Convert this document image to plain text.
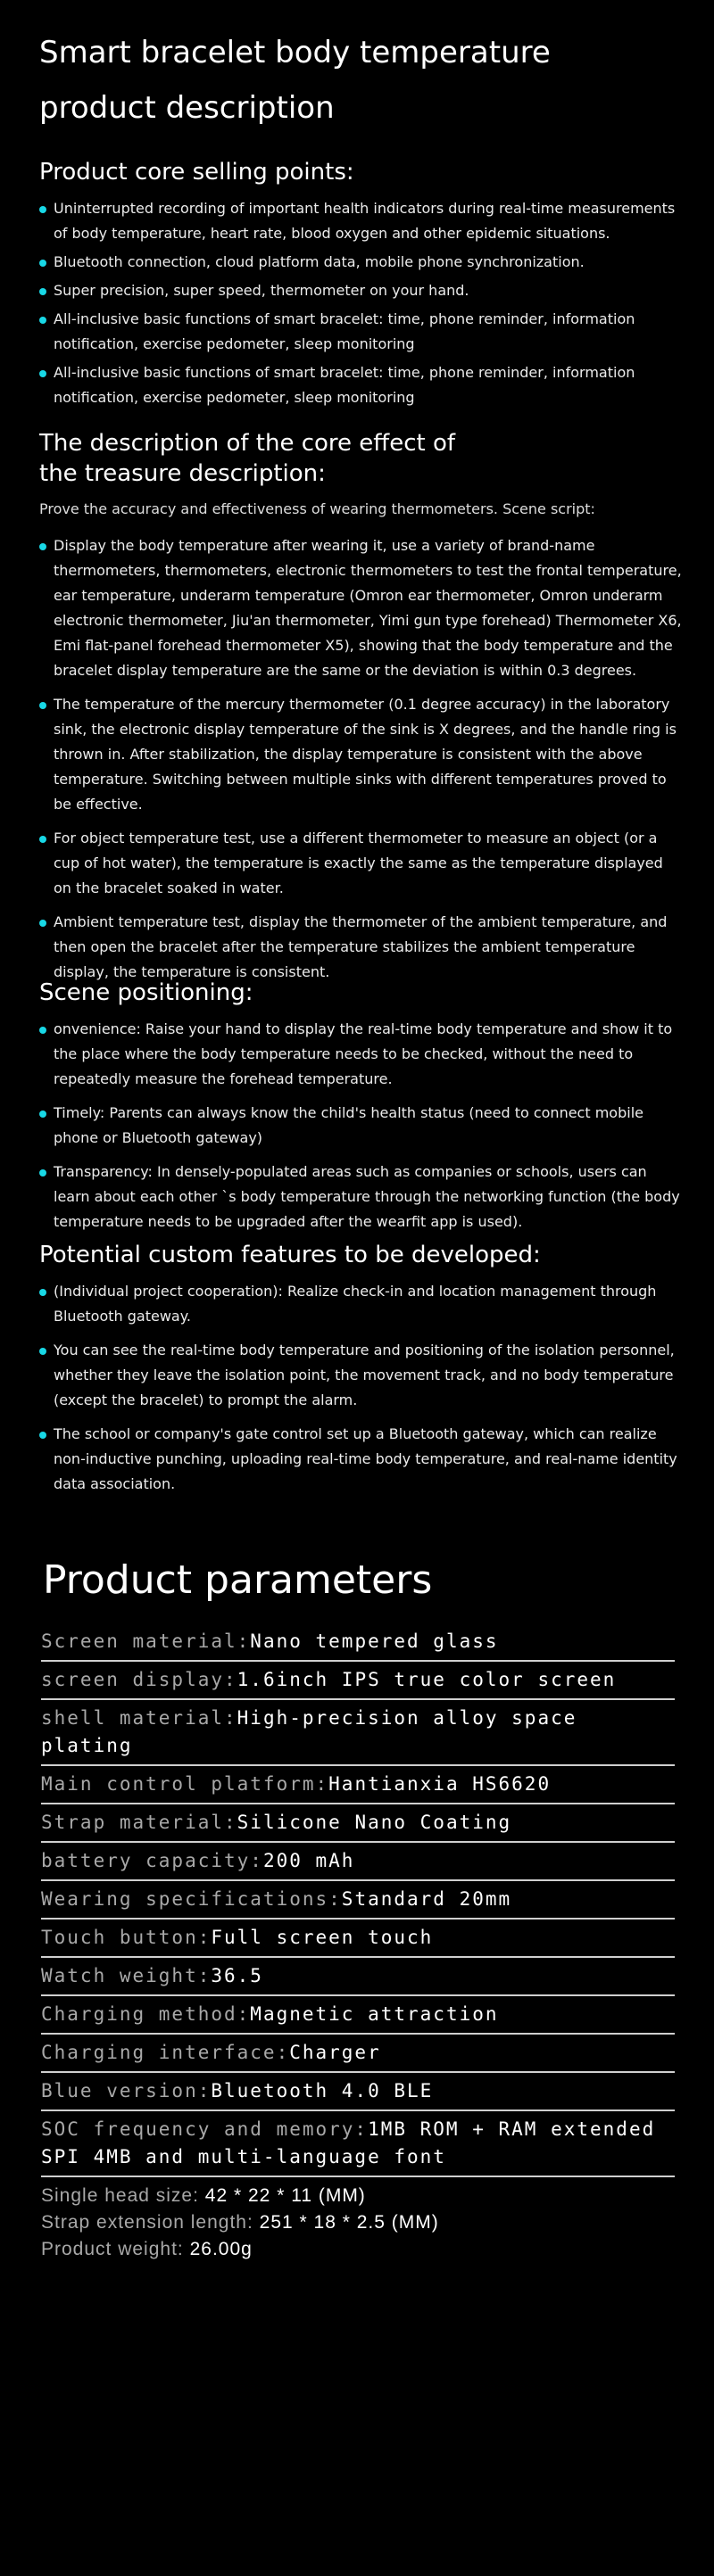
Smart bracelet body temperature
product description
Product core selling points:
Uninterrupted recording of important health indicators during real-time measurements of body temperature, heart rate, blood oxygen and other epidemic situations.
Bluetooth connection, cloud platform data, mobile phone synchronization.
Super precision, super speed, thermometer on your hand.
All-inclusive basic functions of smart bracelet: time, phone reminder, information notification, exercise pedometer, sleep monitoring
All-inclusive basic functions of smart bracelet: time, phone reminder, information notification, exercise pedometer, sleep monitoring
The description of the core effect of
the treasure description:

Prove the accuracy and effectiveness of wearing thermometers. Scene script:

Display the body temperature after wearing it, use a variety of brand-name thermometers, thermometers, electronic thermometers to test the frontal temperature, ear temperature, underarm temperature (Omron ear thermometer, Omron underarm electronic thermometer, Jiu'an thermometer, Yimi gun type forehead) Thermometer X6, Emi flat-panel forehead thermometer X5), showing that the body temperature and the bracelet display temperature are the same or the deviation is within 0.3 degrees.
The temperature of the mercury thermometer (0.1 degree accuracy) in the laboratory sink, the electronic display temperature of the sink is X degrees, and the handle ring is thrown in. After stabilization, the display temperature is consistent with the above temperature. Switching between multiple sinks with different temperatures proved to be effective.
For object temperature test, use a different thermometer to measure an object (or a cup of hot water), the temperature is exactly the same as the temperature displayed on the bracelet soaked in water.
Ambient temperature test, display the thermometer of the ambient temperature, and then open the bracelet after the temperature stabilizes the ambient temperature display, the temperature is consistent.
Scene positioning:
onvenience: Raise your hand to display the real-time body temperature and show it to the place where the body temperature needs to be checked, without the need to repeatedly measure the forehead temperature.
Timely: Parents can always know the child's health status (need to connect mobile phone or Bluetooth gateway)
Transparency: In densely-populated areas such as companies or schools, users can learn about each other `s body temperature through the networking function (the body temperature needs to be upgraded after the wearfit app is used).
Potential custom features to be developed:
(Individual project cooperation): Realize check-in and location management through Bluetooth gateway.
You can see the real-time body temperature and positioning of the isolation personnel, whether they leave the isolation point, the movement track, and no body temperature (except the bracelet) to prompt the alarm.
The school or company's gate control set up a Bluetooth gateway, which can realize non-inductive punching, uploading real-time body temperature, and real-name identity data association.
Product parameters
Screen material:Nano tempered glass
screen display:1.6inch IPS true color screen
shell material:High-precision alloy space plating
Main control platform:Hantianxia HS6620
Strap material:Silicone Nano Coating
battery capacity:200 mAh
Wearing specifications:Standard 20mm
Touch button:Full screen touch
Watch weight:36.5
Charging method:Magnetic attraction
Charging interface:Charger
Blue version:Bluetooth 4.0 BLE
SOC frequency and memory:1MB ROM + RAM extended SPI 4MB and multi-language font
Single head size: 42 * 22 * 11 (MM)
Strap extension length: 251 * 18 * 2.5 (MM)
Product weight: 26.00g
